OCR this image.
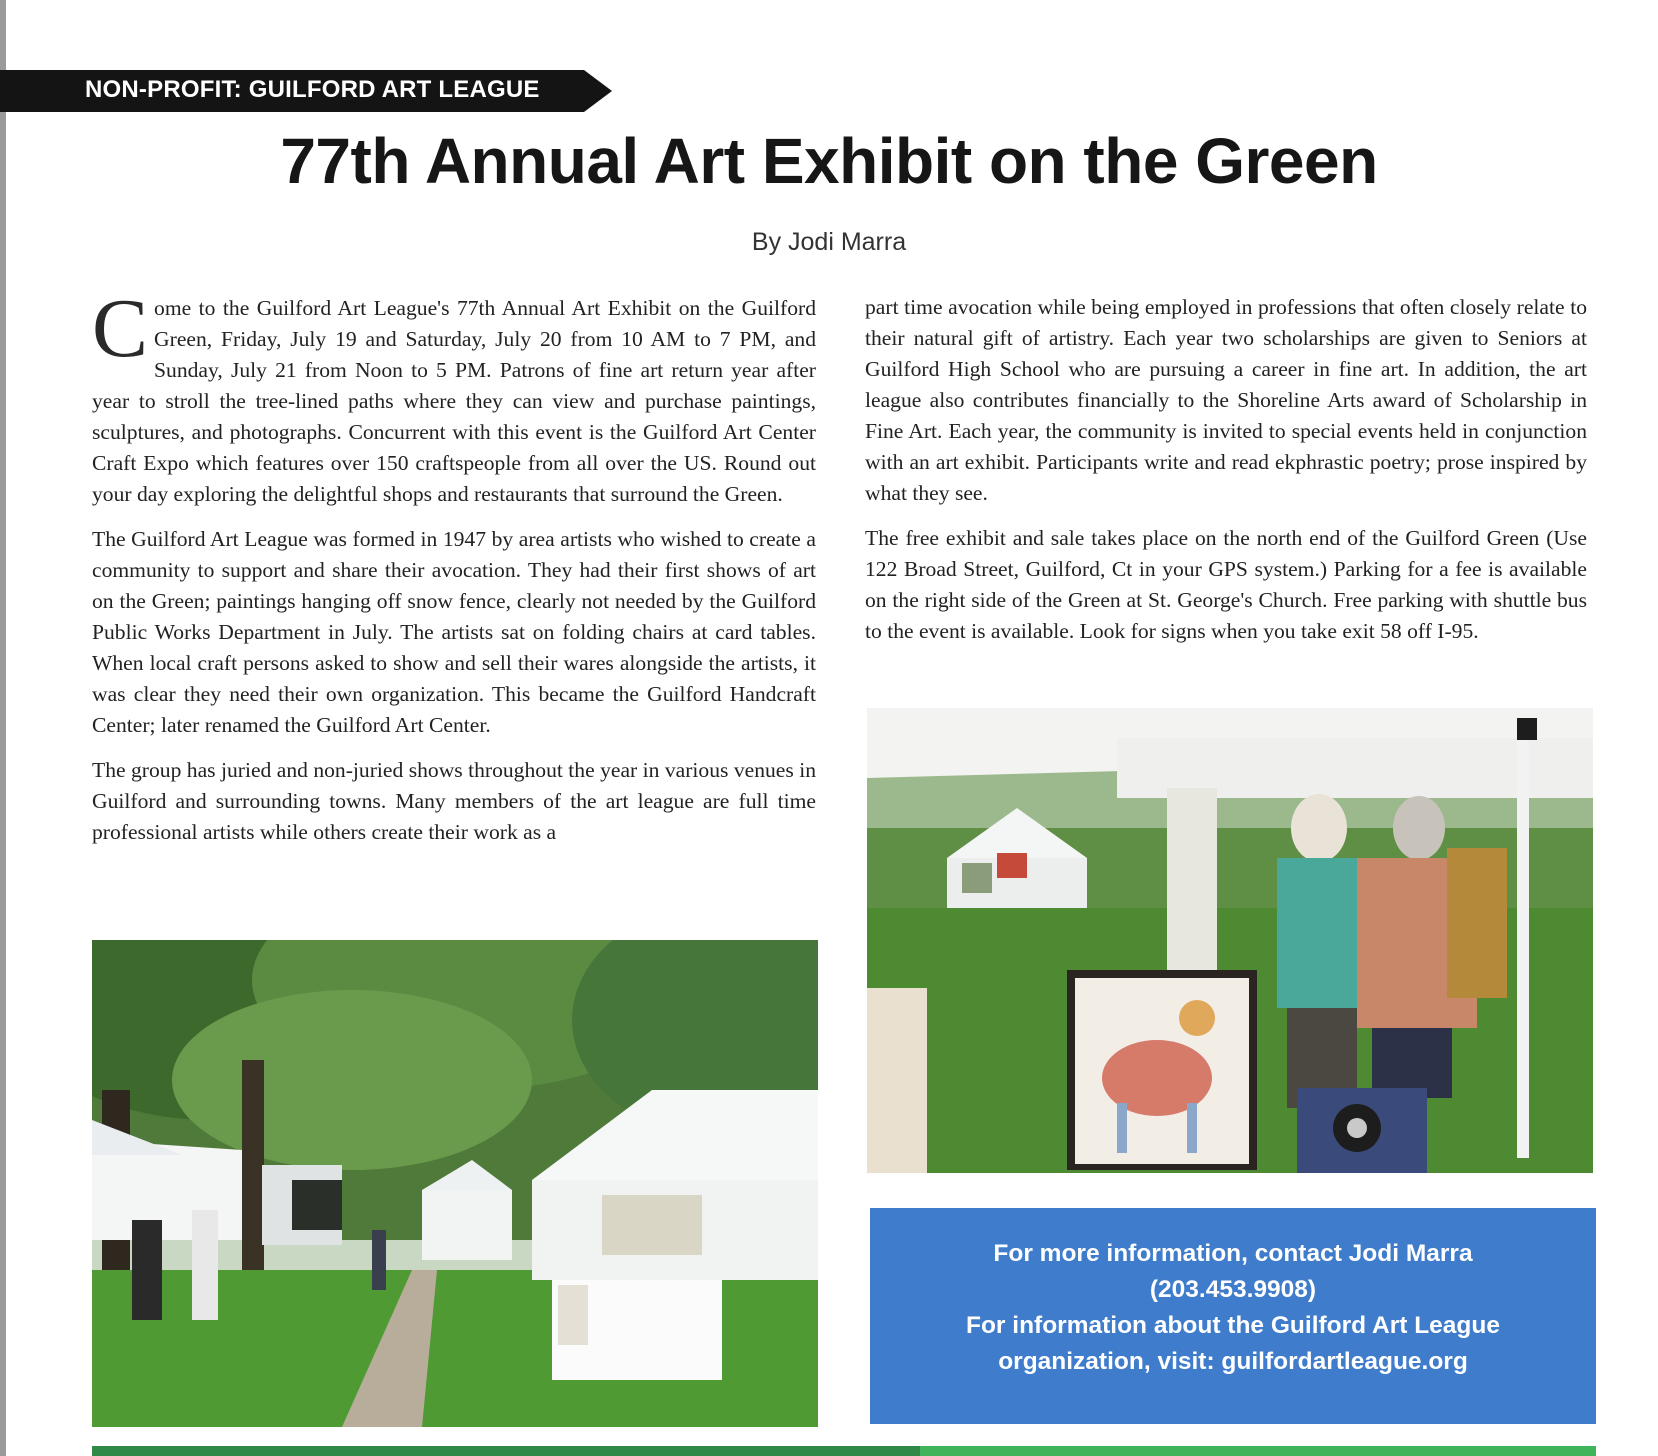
NON-PROFIT: GUILFORD ART LEAGUE
77th Annual Art Exhibit on the Green
By Jodi Marra

Come to the Guilford Art League's 77th Annual Art Exhibit on the Guilford Green, Friday, July 19 and Saturday, July 20 from 10 AM to 7 PM, and Sunday, July 21 from Noon to 5 PM. Patrons of fine art return year after year to stroll the tree-lined paths where they can view and purchase paintings, sculptures, and photographs. Concurrent with this event is the Guilford Art Center Craft Expo which features over 150 craftspeople from all over the US. Round out your day exploring the delightful shops and restaurants that surround the Green.

The Guilford Art League was formed in 1947 by area artists who wished to create a community to support and share their avocation. They had their first shows of art on the Green; paintings hanging off snow fence, clearly not needed by the Guilford Public Works Department in July. The artists sat on folding chairs at card tables. When local craft persons asked to show and sell their wares alongside the artists, it was clear they need their own organization. This became the Guilford Handcraft Center; later renamed the Guilford Art Center.

The group has juried and non-juried shows throughout the year in various venues in Guilford and surrounding towns. Many members of the art league are full time professional artists while others create their work as a

part time avocation while being employed in professions that often closely relate to their natural gift of artistry. Each year two scholarships are given to Seniors at Guilford High School who are pursuing a career in fine art. In addition, the art league also contributes financially to the Shoreline Arts award of Scholarship in Fine Art. Each year, the community is invited to special events held in conjunction with an art exhibit. Participants write and read ekphrastic poetry; prose inspired by what they see.

The free exhibit and sale takes place on the north end of the Guilford Green (Use 122 Broad Street, Guilford, Ct in your GPS system.) Parking for a fee is available on the right side of the Green at St. George's Church. Free parking with shuttle bus to the event is available. Look for signs when you take exit 58 off I-95.

For more information, contact Jodi Marra
(203.453.9908)
For information about the Guilford Art League
organization, visit: guilfordartleague.org
